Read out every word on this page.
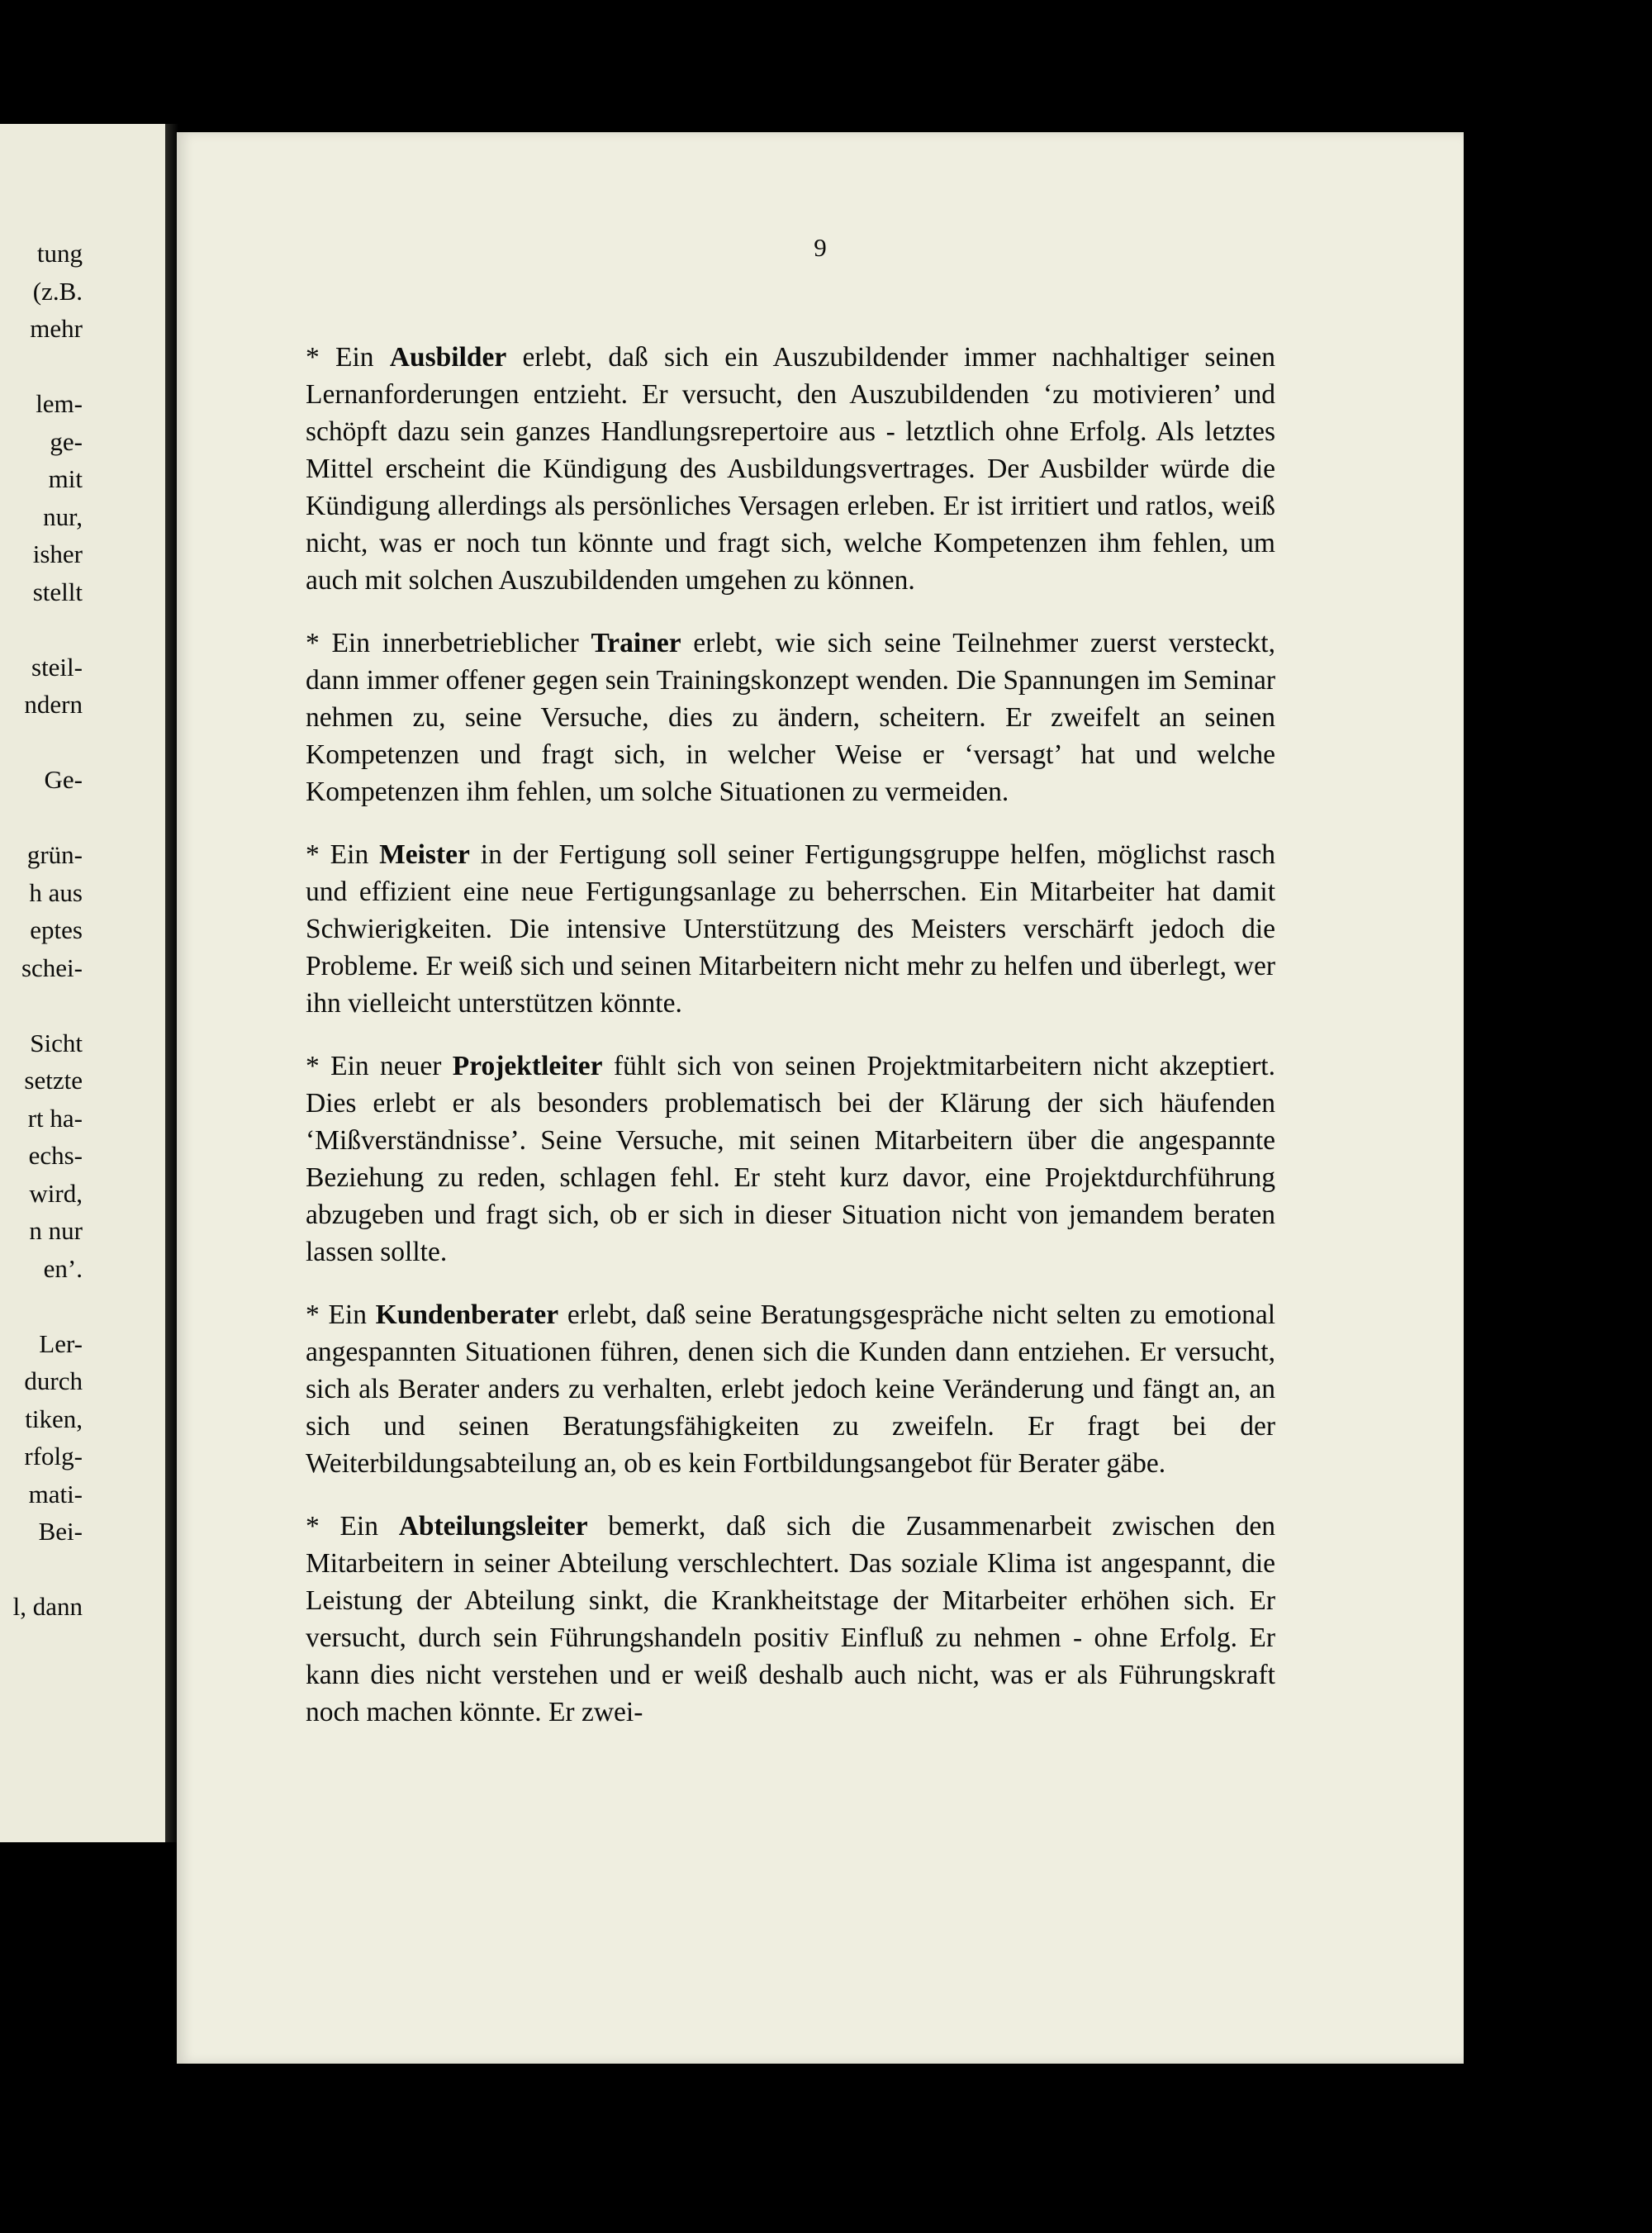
tung
(z.B.
mehr
lem-
ge-
mit
nur,
isher
stellt
steil-
ndern
Ge-
grün-
h aus
eptes
schei-
Sicht
setzte
rt ha-
echs-
wird,
n nur
en’.
Ler-
durch
tiken,
rfolg-
mati-
Bei-
l, dann
9

* Ein Ausbilder erlebt, daß sich ein Auszubildender immer nachhaltiger seinen Lernanforderungen entzieht. Er versucht, den Auszubildenden ‘zu motivieren’ und schöpft dazu sein ganzes Handlungsrepertoire aus - letztlich ohne Erfolg. Als letztes Mittel erscheint die Kündigung des Ausbildungsvertrages. Der Ausbilder würde die Kündigung allerdings als persönliches Versagen erleben. Er ist irritiert und ratlos, weiß nicht, was er noch tun könnte und fragt sich, welche Kompetenzen ihm fehlen, um auch mit solchen Auszubildenden umgehen zu können.

* Ein innerbetrieblicher Trainer erlebt, wie sich seine Teilnehmer zuerst versteckt, dann immer offener gegen sein Trainingskonzept wenden. Die Spannungen im Seminar nehmen zu, seine Versuche, dies zu ändern, scheitern. Er zweifelt an seinen Kompetenzen und fragt sich, in welcher Weise er ‘versagt’ hat und welche Kompetenzen ihm fehlen, um solche Situationen zu vermeiden.

* Ein Meister in der Fertigung soll seiner Fertigungsgruppe helfen, möglichst rasch und effizient eine neue Fertigungsanlage zu beherrschen. Ein Mitarbeiter hat damit Schwierigkeiten. Die intensive Unterstützung des Meisters verschärft jedoch die Probleme. Er weiß sich und seinen Mitarbeitern nicht mehr zu helfen und überlegt, wer ihn vielleicht unterstützen könnte.

* Ein neuer Projektleiter fühlt sich von seinen Projektmitarbeitern nicht akzeptiert. Dies erlebt er als besonders problematisch bei der Klärung der sich häufenden ‘Mißverständnisse’. Seine Versuche, mit seinen Mitarbeitern über die angespannte Beziehung zu reden, schlagen fehl. Er steht kurz davor, eine Projektdurchführung abzugeben und fragt sich, ob er sich in dieser Situation nicht von jemandem beraten lassen sollte.

* Ein Kundenberater erlebt, daß seine Beratungsgespräche nicht selten zu emotional angespannten Situationen führen, denen sich die Kunden dann entziehen. Er versucht, sich als Berater anders zu verhalten, erlebt jedoch keine Veränderung und fängt an, an sich und seinen Beratungsfähigkeiten zu zweifeln. Er fragt bei der Weiterbildungsabteilung an, ob es kein Fortbildungsangebot für Berater gäbe.

* Ein Abteilungsleiter bemerkt, daß sich die Zusammenarbeit zwischen den Mitarbeitern in seiner Abteilung verschlechtert. Das soziale Klima ist angespannt, die Leistung der Abteilung sinkt, die Krankheitstage der Mitarbeiter erhöhen sich. Er versucht, durch sein Führungshandeln positiv Einfluß zu nehmen - ohne Erfolg. Er kann dies nicht verstehen und er weiß deshalb auch nicht, was er als Führungskraft noch machen könnte. Er zwei-
